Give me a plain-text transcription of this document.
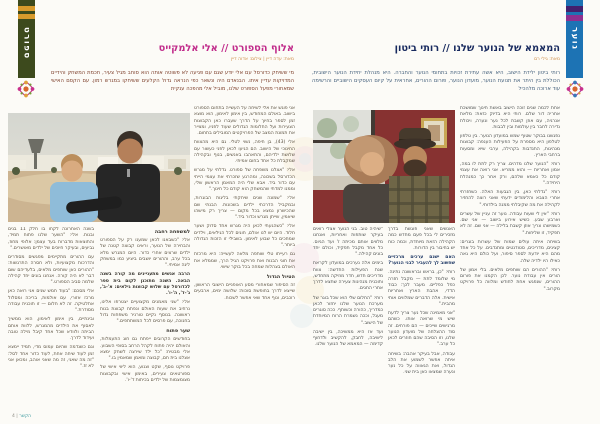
ספורט	אלוף הספורט // אלי אלמקייס
מאת: עדה דיין | צילום: אדוה דיין
מי ששיחק כדורסל עם אלי יודע שגם עם פגיעה לא פשוטה אותה הוא סוחב מגיל צעיר, חכמת המשחק והידיים המדויקות עדיין איתו. הבנאדם היה ונשאר כפי הנראה גדול הקלעים ששיחקו במגרש רמון. עם הקסם האישי שמאחורי מפעל הספורט שלנו, מוביל אלי מהפכה ענקית

אני פוגש את אלי לשיחה על העשייה בתחום הספורט בישוב. באולם המחודש, בין אימון לאימון, הוא מוצא זמן לספר בחיוך על הדרך שעברו כאן הקבוצות הצעירות ועל החלומות הגדולים שעוד לפניו, ומצייר את תמונת המצב של הפרויקטים המובילים בתחום.

אלי (43), בן חיפה, נשוי לטלי. גם היא מהצוות החינוכי של הישוב. הם הגיעו לכאן לפני כעשור עם שלושת ילדיהם, והתאהבו באנשים, בנוף ובקהילה שמקבלת כל אחד בחום אמיתי.

אלי: "אצלנו משפחה של ספורט. גדלתי על מגרש הכדורסל בשכונה, ומהרגע שזכרתי את עצמי הייתי עם כדור ביד. אבא שלי היה המאמן הראשון שלי, וממנו למדתי שהמשחק הוא קודם כל חינוך."

אלי: "שמונה שנים שיחקתי בליגות הבוגרות, ובמקביל הדרכתי ילדים בשכונות. הבנתי שם שהכישרון נמצא בכל מקום — צריך רק מישהו שיאמין, שייתן מגרש וכדור ביד."

אלי: "כשהגעתי לכאן היה מגרש אחד סדוק ושער חלוד. היום יש לנו אולם, חוגים לכל הגילאים, וילדים שמחכים כל שבוע לאימון. בשבילי זו הזכות הגדולה ביותר."

גם רעייתו טלי שותפה מלאה לעשייה: היא מרכזת את חוגי הבנות ואת פרויקט הגיל הרך, שממלא את האולם בצהלות שמחה בכל בוקר שישי.

הטיול הגדול

זה הסיפור שמאחורי מסע האופניים הישובי הראשון, שייצא לדרך בחופשת סוכות: שלושה ימים, ארבעים רוכבים, ונוף אחד שאי אפשר לשכוח.

למשפחה רחבה

אלי: "כשבאנו לכאן שמענו רק על הספורט והבחירה של הנוער, וראינו קבוצה קטנה של ילדים שרצים אחרי כדור. היום המגרש מלא בכל ערב, וההורים יושבים ביציע כמו במשחק ליגה אמיתי."

הרבה אנשים מתעניינים מה קורה בשנה הבאה. השנה מתוכנן לקום בית ספר לכדורסל עם שלוש קבוצות גילאים: א'-ב', ג'-ד', ה'-ו'.

אלי: "שני מאמנים מקצועיים יצטרפו אלינו, נרחיב את שעות האולם ונפתח קבוצת בנות ראשונה. בנוסף נקיים טורניר משפחות גדול בחנוכה, עם פרסים לכל המשתתפים."

שער פתוח

בחודשים הקרובים ייפתח גם חוג התעמלות, והאולם יהיה פתוח לקהל הרחב בסופי השבוע. אלי מבטיח: "כל ילד שירצה לשחק ימצא אצלנו בית חם, קבוצה ומאמן שמאמין בו."

פרויקט נוסף, שקט וצנוע, הוא ליווי אישי של ספורטאים צעירים, באימון אישי ובקבוצות מצומצמות של ילדים בכיתות ד'-ו'.

בשנה האחרונה לקחו בו חלק 11 בנים ובנות. אלי: "השער שלנו פתוח תמיד, והתוצאות מדברות בעד עצמן: אלופי מחוז, גביעים, ובעיקר חיוכים של ילדים מאושרים."

עם ההורים מתקיימים מפגשים מסודרים והדרכות מקצועיות, ולא חסרה התרגשות: "ההורים כאן שותפים מלאים, בלעדיהם שום דבר לא היה קורה. אנחנו בונים יחד קהילה שלמה סביב הספורט."

אלי מסכם: "בעוד חמש שנים אני רואה כאן מרכז אזורי, עם אולמות, בריכה ומסלול אתלטיקה. זה לא חלום — זו תוכנית עבודה מסודרת."

ובינתיים, בין אימון לאימון, הוא ממשיך לאסוף את הילדים מהמגרש, ללוות אותם הביתה ולוודא שכל אחד קיבל מילה טובה ועידוד לדרך.

וגם כשנדמה שהיום עמוס מדי, תמיד יימצא זמן לעוד שיחה אחת, לעוד כדור אחד לסל: "זה מה שאני, זה מה שאני אוהב, ומכאן אני לא זז."

הקשר | 4
נוער
המאמא של הנוער שלנו // רותי ביטון
מאת: גילי רם
רותי ביטון ילידת הישוב, היא אשה עתירת זכויות בתחומי הנוער והחברה. היא מנהלת יחידת הנוער הישובית, הכוללת בין היתר את תנועת הנוער, מועדון הנוער, פורום ההורים, אחראית על קיום העסקים הישוביים והרשימה עוד ארוכה מלהכיל

אחת לכמה שנים זוכה הישוב באשת חינוך שמושכת אחריה דור שלם. רותי היא בדיוק כזאת: מלאת אנרגיה, עם אוזן קשבת לכל נער ונערה, ויכולת נדירה לחבר בין עולמות ובין לבבות.

נפגשנו בבוקר שטוף שמש במועדון הנוער. בין טלפון לטלפון היא מספרת על הפעילות הענפה: קבוצות מנהיגות, התנדבות בקהילה, ערבי שיא ומסעות ברחבי הארץ.

רותי: "הנוער שלנו מדהים. צריך רק לתת לו במה, אמון ואחריות — והוא ממריא. אני רואה את עצמי קודם כל כאמא שלהם, ורק אחר כך כמנהלת היחידה."

רותי: "גדלתי כאן, בין הגבעות האלה. כשחזרתי אחרי הצבא והלימודים ידעתי שאני רוצה להחזיר לקהילה את מה שקיבלתי ממנה בילדותי."

רותי: "אין לי שעות עבודה. נוער זה עניין של עשרים וארבע שבע. כשיש אירוע בישוב — אני שם. כשמישהו צריך אוזן קשבת בלילה — אני שם. זה לא תפקיד, זו שליחות."

בשיחה איתה עולים שמות של עשרות בוגרים: קצינים, מדריכים, סטודנטים ומתנדבים. על כל אחד מהם היא יודעת לספר סיפור, ועל כולם היא גאה כאילו היו ילדיה שלה.

רותי: "ההורים הם שותפים מלאים. בלי אמון של הורים אין עבודת נוער. לכן הקמנו את פורום ההורים, שנפגש אחת לחודש ומלווה כל פרויקט מקרוב."

האנשים שאני פוגשת בדרך מזכירים לי בכל פעם מחדש כמה הקהילה הזאת מיוחדת, וכמה כוח יש בחיבור בין הדורות.

האם ישנם ערכים מרכזיים שחשוב לך להעביר לבני הנוער?

רותי: "כן, בראש ובראשונה נתינה. מי שלומד לתת — מקבל חזרה כפל כפליים. מעבר לכך: כבוד הדדי, אהבת הארץ ואחריות אישית. אלה הדברים שמלווים אותי מהבית."

"אני מאמינה שכל נער צריך לדעת שיש מי שרואה אותו. כשהם מרגישים שייכים — הם פורחים. זה סוד ההצלחה של מועדון הנוער שלנו, וזו הסיבה שהם חוזרים לכאן כל ערב."

עבודה, אבל בעיקר אהבה: בשיחה איתה אפשר לשמוע את הלב הגדול, ואת הגאווה על כל נער ונערה שמצאו כאן בית שני.

"שיהיה טוב. בני הנוער אצלי רואים בעיקר שותפות ואחריות, ואנחנו מלווים אותם מכיתה ז' ועד הגיוס. כל אחד מקבל תפקיד, וכולם יחד בונים קהילה."

בימים אלה נערכים במועדון לקראת שנת הפעילות החדשה: צוות מדריכים חדש, חדר מוזיקה מתחדש, ותוכנית מנהיגות צעירה שתצא לדרך אחרי החגים.

רותי: "החלום שלי הוא שכל בוגר של מערכת הנוער שלנו יחזור לכאן כמדריך, כהורה וכשותף. ככה סוגרים מעגל, וככה נשמרת הרוח המיוחדת של הישוב."

ועד אז היא ממשיכה, בין ישיבה לישיבה, לחבק, להקשיב ולדחוף קדימה — המאמא של הנוער שלנו.
